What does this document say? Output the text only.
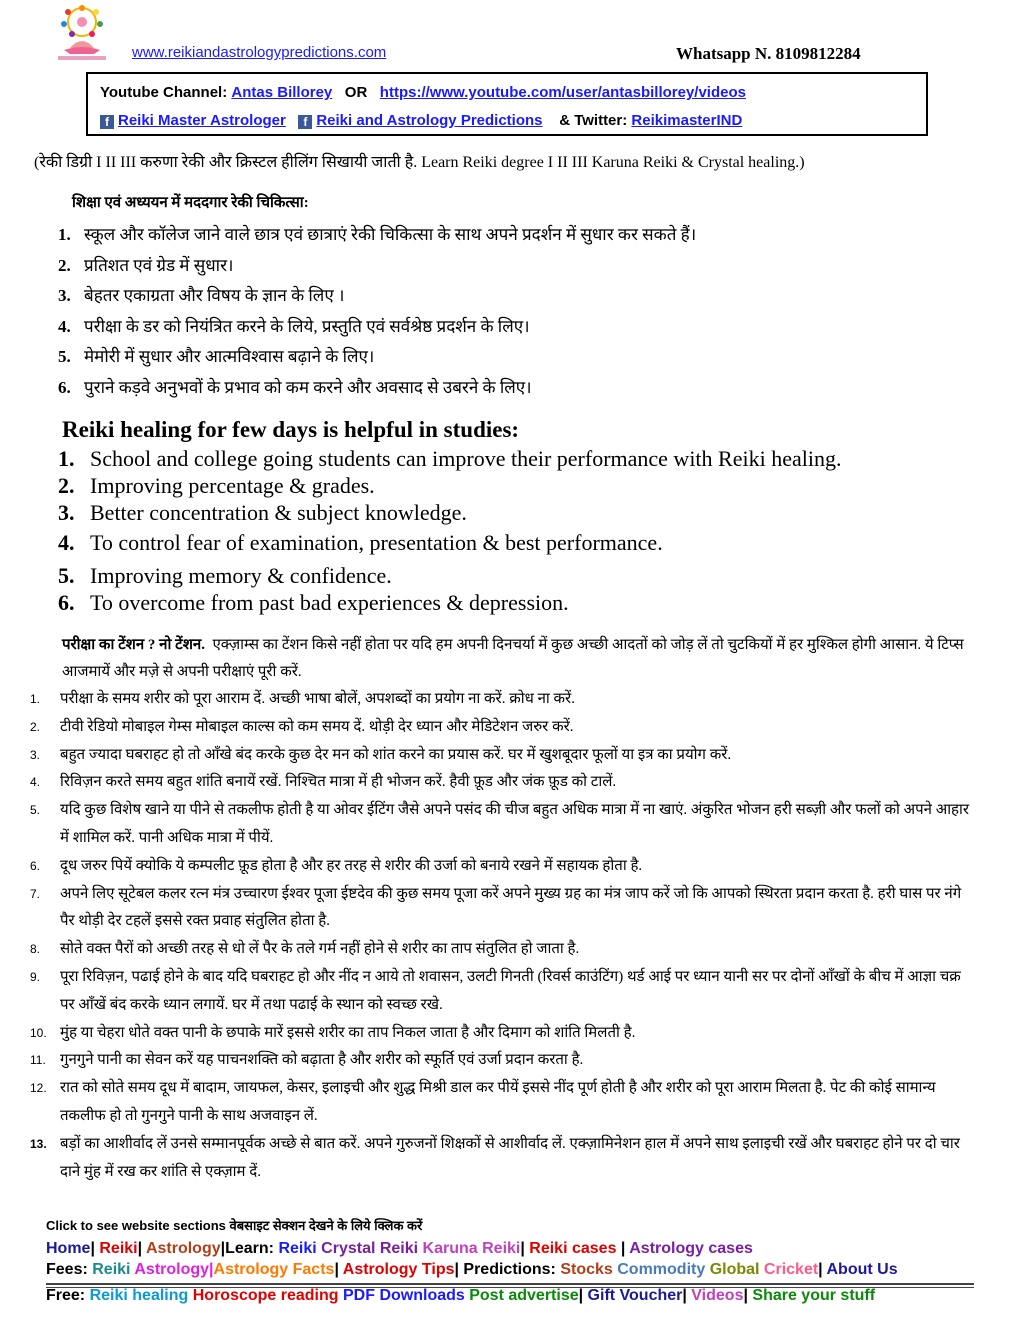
www.reikiandastrologypredictions.com	Whatsapp N. 8109812284
Youtube Channel: Antas Billorey OR https://www.youtube.com/user/antasbillorey/videos
f Reiki Master Astrologer f Reiki and Astrology Predictions & Twitter: ReikimasterIND
(रेकी डिग्री I II III करुणा रेकी और क्रिस्टल हीलिंग सिखायी जाती है. Learn Reiki degree I II III Karuna Reiki & Crystal healing.)
शिक्षा एवं अध्ययन में मददगार रेकी चिकित्सा:
1. स्कूल और कॉलेज जाने वाले छात्र एवं छात्राएं रेकी चिकित्सा के साथ अपने प्रदर्शन में सुधार कर सकते हैं।
2. प्रतिशत एवं ग्रेड में सुधार।
3. बेहतर एकाग्रता और विषय के ज्ञान के लिए ।
4. परीक्षा के डर को नियंत्रित करने के लिये, प्रस्तुति एवं सर्वश्रेष्ठ प्रदर्शन के लिए।
5. मेमोरी में सुधार और आत्मविश्वास बढ़ाने के लिए।
6. पुराने कड़वे अनुभवों के प्रभाव को कम करने और अवसाद से उबरने के लिए।
Reiki healing for few days is helpful in studies:
1. School and college going students can improve their performance with Reiki healing.
2. Improving percentage & grades.
3. Better concentration & subject knowledge.
4. To control fear of examination, presentation & best performance.
5. Improving memory & confidence.
6. To overcome from past bad experiences & depression.
परीक्षा का टेंशन ? नो टेंशन. एक्ज़ाम्स का टेंशन किसे नहीं होता पर यदि हम अपनी दिनचर्या में कुछ अच्छी आदतों को जोड़ लें तो चुटकियों में हर मुश्किल होगी आसान. ये टिप्स आजमायें और मज़े से अपनी परीक्षाएं पूरी करें.
1. परीक्षा के समय शरीर को पूरा आराम दें. अच्छी भाषा बोलें, अपशब्दों का प्रयोग ना करें. क्रोध ना करें.
2. टीवी रेडियो मोबाइल गेम्स मोबाइल काल्स को कम समय दें. थोड़ी देर ध्यान और मेडिटेशन जरुर करें.
3. बहुत ज्यादा घबराहट हो तो आँखे बंद करके कुछ देर मन को शांत करने का प्रयास करें. घर में खुशबूदार फूलों या इत्र का प्रयोग करें.
4. रिविज़न करते समय बहुत शांति बनायें रखें. निश्चित मात्रा में ही भोजन करें. हैवी फ़ूड और जंक फ़ूड को टालें.
5. यदि कुछ विशेष खाने या पीने से तकलीफ होती है या ओवर ईटिंग जैसे अपने पसंद की चीज बहुत अधिक मात्रा में ना खाएं. अंकुरित भोजन हरी सब्ज़ी और फलों को अपने आहार में शामिल करें. पानी अधिक मात्रा में पीयें.
6. दूध जरुर पियें क्योकि ये कम्पलीट फ़ूड होता है और हर तरह से शरीर की उर्जा को बनाये रखने में सहायक होता है.
7. अपने लिए सूटेबल कलर रत्न मंत्र उच्चारण ईश्वर पूजा ईष्टदेव की कुछ समय पूजा करें अपने मुख्य ग्रह का मंत्र जाप करें जो कि आपको स्थिरता प्रदान करता है. हरी घास पर नंगे पैर थोड़ी देर टहलें इससे रक्त प्रवाह संतुलित होता है.
8. सोते वक्त पैरों को अच्छी तरह से धो लें पैर के तले गर्म नहीं होने से शरीर का ताप संतुलित हो जाता है.
9. पूरा रिविज़न, पढाई होने के बाद यदि घबराहट हो और नींद न आये तो शवासन, उलटी गिनती (रिवर्स काउंटिंग) थर्ड आई पर ध्यान यानी सर पर दोनों आँखों के बीच में आज्ञा चक्र पर आँखें बंद करके ध्यान लगायें. घर में तथा पढाई के स्थान को स्वच्छ रखे.
10. मुंह या चेहरा धोते वक्त पानी के छपाके मारें इससे शरीर का ताप निकल जाता है और दिमाग को शांति मिलती है.
11. गुनगुने पानी का सेवन करें यह पाचनशक्ति को बढ़ाता है और शरीर को स्फूर्ति एवं उर्जा प्रदान करता है.
12. रात को सोते समय दूध में बादाम, जायफल, केसर, इलाइची और शुद्ध मिश्री डाल कर पीयें इससे नींद पूर्ण होती है और शरीर को पूरा आराम मिलता है. पेट की कोई सामान्य तकलीफ हो तो गुनगुने पानी के साथ अजवाइन लें.
13. बड़ों का आशीर्वाद लें उनसे सम्मानपूर्वक अच्छे से बात करें. अपने गुरुजनों शिक्षकों से आशीर्वाद लें. एक्ज़ामिनेशन हाल में अपने साथ इलाइची रखें और घबराहट होने पर दो चार दाने मुंह में रख कर शांति से एक्ज़ाम दें.
Click to see website sections वेबसाइट सेक्शन देखने के लिये क्लिक करें
Home| Reiki| Astrology|Learn: Reiki Crystal Reiki Karuna Reiki| Reiki cases | Astrology cases
Fees: Reiki Astrology|Astrology Facts| Astrology Tips| Predictions: Stocks Commodity Global Cricket| About Us
Free: Reiki healing Horoscope reading PDF Downloads Post advertise| Gift Voucher| Videos| Share your stuff
